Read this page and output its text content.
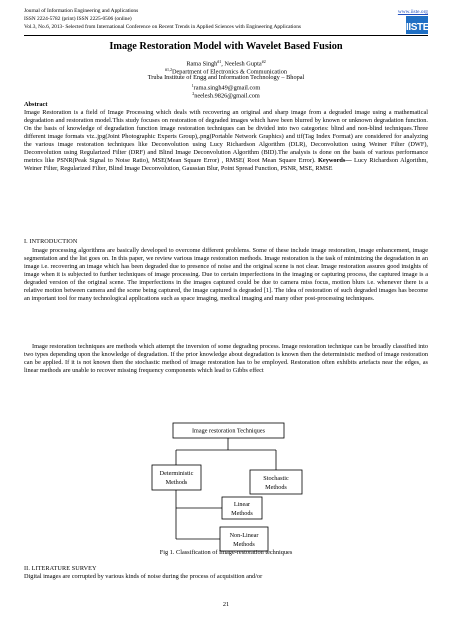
Journal of Information Engineering and Applications	www.iiste.org
ISSN 2224-5782 (print) ISSN 2225-0506 (online)
Vol.3, No.6, 2013- Selected from International Conference on Recent Trends in Applied Sciences with Engineering Applications	IISTE
Image Restoration Model with Wavelet Based Fusion
Rama Singh$^{\#1}$, Neelesh Gupta$^{\#2}$
$^{\#1,2}$Department of Electronics & Communication
Truba Institute of Engg and Information Technology – Bhopal
$^1$rama.singh49@gmail.com
$^2$neelesh.9826@gmail.com
Abstract

Image Restoration is a field of Image Processing which deals with recovering an original and sharp image from a degraded image using a mathematical degradation and restoration model.This study focuses on restoration of degraded images which have been blurred by known or unknown degradation function. On the basis of knowledge of degradation function image restoration techniques can be divided into two categories: blind and non-blind techniques.Three different image formats viz..jpg(Joint Photographic Experts Group),.png(Portable Network Graphics) and tif(Tag Index Format) are considered for analyzing the various image restoration techniques like Deconvolution using Lucy Richardson Algorithm (DLR), Deconvolution using Weiner Filter (DWF), Deconvolution using Regularized Filter (DRF) and Blind Image Deconvolution Algorithm (BID).The analysis is done on the basis of various performance metrics like PSNR(Peak Signal to Noise Ratio), MSE(Mean Square Error) , RMSE( Root Mean Square Error). Keywords— Lucy Richardson Algorithm, Weiner Filter, Regularized Filter, Blind Image Deconvolution, Gaussian Blur, Point Spread Function, PSNR, MSE, RMSE

I. INTRODUCTION

Image processing algorithms are basically developed to overcome different problems. Some of these include image restoration, image enhancement, image segmentation and the list goes on. In this paper, we review various image restoration methods. Image restoration is the task of minimizing the degradation in an image i.e. recovering an image which has been degraded due to presence of noise and the original scene is not clear. Image restoration assures good insights of image when it is subjected to further techniques of image processing. Due to certain imperfections in the imaging or capturing process, the captured image is a degraded version of the original scene. The imperfections in the images captured could be due to camera miss focus, motion blurs i.e. whenever there is a relative motion between camera and the scene being captured, the image captured is degraded [1]. The idea of restoration of such degraded images has become an important tool for many technological applications such as space imaging, medical imaging and many other post-processing techniques.

Image restoration techniques are methods which attempt the inversion of some degrading process. Image restoration technique can be broadly classified into two types depending upon the knowledge of degradation. If the prior knowledge about degradation is known then the deterministic method of image restoration can be applied. If it is not known then the stochastic method of image restoration has to be employed. Restoration often exhibits artefacts near the edges, as linear methods are unable to recover missing frequency components which lead to Gibbs effect

Image restoration Techniques
Deterministic
Methods
Stochastic
Methods
Linear
Methods
Non-Linear
Methods
Fig 1. Classification of Image-restoration techniques
II. LITERATURE SURVEY

Digital images are corrupted by various kinds of noise during the process of acquisition and/or

21
